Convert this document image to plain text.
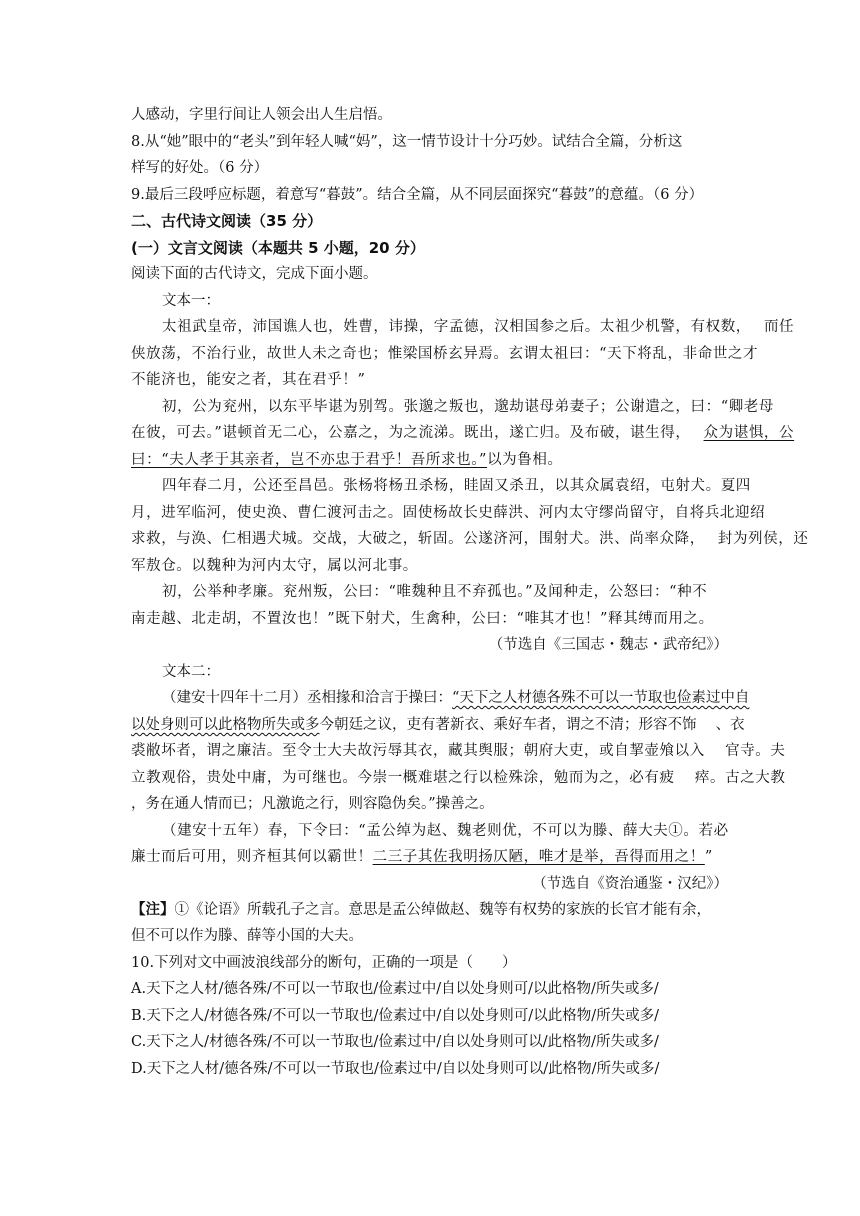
人感动，字里行间让人领会出人生启悟。
8.从“她”眼中的“老头”到年轻人喊“妈”，这一情节设计十分巧妙。试结合全篇，分析这
样写的好处。（6 分）
9.最后三段呼应标题，着意写“暮鼓”。结合全篇，从不同层面探究“暮鼓”的意蕴。（6 分）
二、古代诗文阅读（35 分）
(一）文言文阅读（本题共 5 小题，20 分）
阅读下面的古代诗文，完成下面小题。
文本一：
太祖武皇帝，沛国谯人也，姓曹，讳操，字孟德，汉相国参之后。太祖少机警，有权数，　 而任
侠放荡，不治行业，故世人未之奇也；惟梁国桥玄异焉。玄谓太祖曰：“天下将乱，非命世之才
不能济也，能安之者，其在君乎！”
初，公为兖州，以东平毕谌为别驾。张邈之叛也，邈劫谌母弟妻子；公谢遣之，曰：“卿老母
在彼，可去。”谌顿首无二心，公嘉之，为之流涕。既出，遂亡归。及布破，谌生得，　 众为谌惧，公
曰：“夫人孝于其亲者，岂不亦忠于君乎！吾所求也。”以为鲁相。
四年春二月，公还至昌邑。张杨将杨丑杀杨，眭固又杀丑，以其众属袁绍，屯射犬。夏四
月，进军临河，使史涣、曹仁渡河击之。固使杨故长史薛洪、河内太守缪尚留守，自将兵北迎绍
求救，与涣、仁相遇犬城。交战，大破之，斩固。公遂济河，围射犬。洪、尚率众降，　 封为列侯，还
军敖仓。以魏种为河内太守，属以河北事。
初，公举种孝廉。兖州叛，公曰：“唯魏种且不弃孤也。”及闻种走，公怒曰：“种不
南走越、北走胡，不置汝也！”既下射犬，生禽种，公曰：“唯其才也！”释其缚而用之。
（节选自《三国志・魏志・武帝纪》）
文本二：
（建安十四年十二月）丞相掾和洽言于操曰：“天下之人材德各殊不可以一节取也俭素过中自
以处身则可以此格物所失或多今朝廷之议，吏有著新衣、乘好车者，谓之不清；形容不饰　 、衣
裘敝坏者，谓之廉洁。至令士大夫故污辱其衣，藏其舆服；朝府大吏，或自挈壶飧以入　 官寺。夫
立教观俗，贵处中庸，为可继也。今崇一概难堪之行以检殊涂，勉而为之，必有疲　 瘁。古之大教
，务在通人情而已；凡激诡之行，则容隐伪矣。”操善之。
（建安十五年）春，下令曰：“孟公绰为赵、魏老则优，不可以为滕、薛大夫①。若必
廉士而后可用，则齐桓其何以霸世！二三子其佐我明扬仄陋，唯才是举，吾得而用之！”
（节选自《资治通鉴・汉纪》）
【注】①《论语》所载孔子之言。意思是孟公绰做赵、魏等有权势的家族的长官才能有余，
但不可以作为滕、薛等小国的大夫。
10.下列对文中画波浪线部分的断句，正确的一项是（　　）
A.天下之人材/德各殊/不可以一节取也/俭素过中/自以处身则可/以此格物/所失或多/
B.天下之人/材德各殊/不可以一节取也/俭素过中/自以处身则可/以此格物/所失或多/
C.天下之人/材德各殊/不可以一节取也/俭素过中/自以处身则可以/此格物/所失或多/
D.天下之人材/德各殊/不可以一节取也/俭素过中/自以处身则可以/此格物/所失或多/
